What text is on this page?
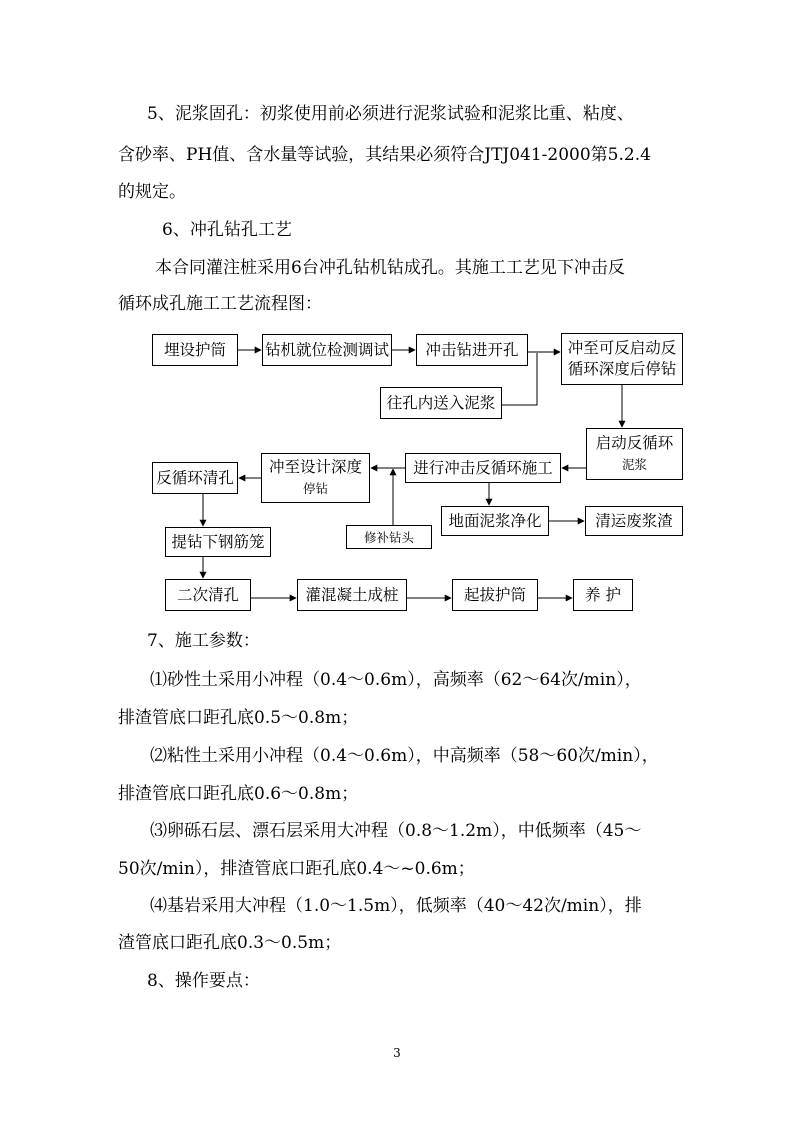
5、泥浆固孔：初浆使用前必须进行泥浆试验和泥浆比重、粘度、
含砂率、PH值、含水量等试验，其结果必须符合JTJ041-2000第5.2.4
的规定。
6、冲孔钻孔工艺
本合同灌注桩采用6台冲孔钻机钻成孔。其施工工艺见下冲击反
循环成孔施工工艺流程图：
埋设护筒	钻机就位检测调试 冲击钻进开孔	冲至可反启动反
循环深度后停钻
往孔内送入泥浆
启动反循环
泥浆
进行冲击反循环施工
冲至设计深度
停钻
反循环清孔
地面泥浆净化	清运废浆渣
修补钻头
提钻下钢筋笼
二次清孔	灌混凝土成桩	起拔护筒	养 护
7、施工参数：
⑴砂性土采用小冲程（0.4～0.6m），高频率（62～64次/min），
排渣管底口距孔底0.5～0.8m；
⑵粘性土采用小冲程（0.4～0.6m），中高频率（58～60次/min），
排渣管底口距孔底0.6～0.8m；
⑶卵砾石层、漂石层采用大冲程（0.8～1.2m），中低频率（45～
50次/min），排渣管底口距孔底0.4～~0.6m；
⑷基岩采用大冲程（1.0～1.5m），低频率（40～42次/min），排
渣管底口距孔底0.3～0.5m；
8、操作要点：
3
